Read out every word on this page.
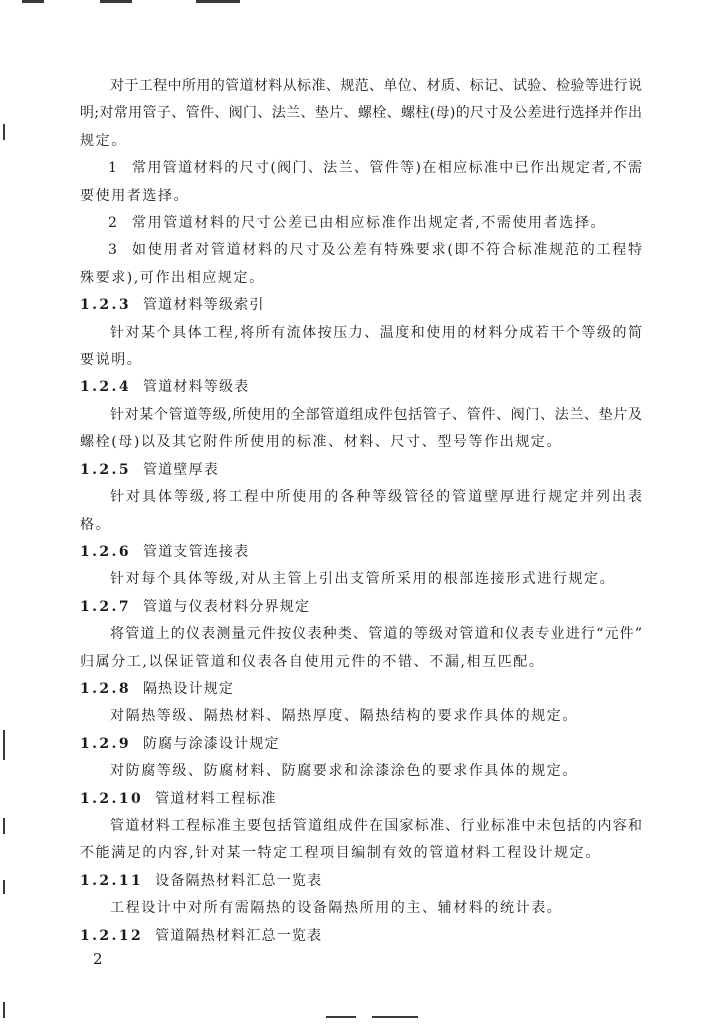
对于工程中所用的管道材料从标准、规范、单位、材质、标记、试验、检验等进行说
明;对常用管子、管件、阀门、法兰、垫片、螺栓、螺柱(母)的尺寸及公差进行选择并作出
规定。
1	常用管道材料的尺寸(阀门、法兰、管件等)在相应标准中已作出规定者,不需
要使用者选择。
2	常用管道材料的尺寸公差已由相应标准作出规定者,不需使用者选择。
3	如使用者对管道材料的尺寸及公差有特殊要求(即不符合标准规范的工程特
殊要求),可作出相应规定。
1.2.3 管道材料等级索引
针对某个具体工程,将所有流体按压力、温度和使用的材料分成若干个等级的简
要说明。
1.2.4 管道材料等级表
针对某个管道等级,所使用的全部管道组成件包括管子、管件、阀门、法兰、垫片及
螺栓(母)以及其它附件所使用的标准、材料、尺寸、型号等作出规定。
1.2.5 管道壁厚表
针对具体等级,将工程中所使用的各种等级管径的管道壁厚进行规定并列出表
格。
1.2.6 管道支管连接表
针对每个具体等级,对从主管上引出支管所采用的根部连接形式进行规定。
1.2.7 管道与仪表材料分界规定
将管道上的仪表测量元件按仪表种类、管道的等级对管道和仪表专业进行“元件”
归属分工,以保证管道和仪表各自使用元件的不错、不漏,相互匹配。
1.2.8 隔热设计规定
对隔热等级、隔热材料、隔热厚度、隔热结构的要求作具体的规定。
1.2.9 防腐与涂漆设计规定
对防腐等级、防腐材料、防腐要求和涂漆涂色的要求作具体的规定。
1.2.10 管道材料工程标准
管道材料工程标准主要包括管道组成件在国家标准、行业标准中未包括的内容和
不能满足的内容,针对某一特定工程项目编制有效的管道材料工程设计规定。
1.2.11 设备隔热材料汇总一览表
工程设计中对所有需隔热的设备隔热所用的主、辅材料的统计表。
1.2.12 管道隔热材料汇总一览表
2
